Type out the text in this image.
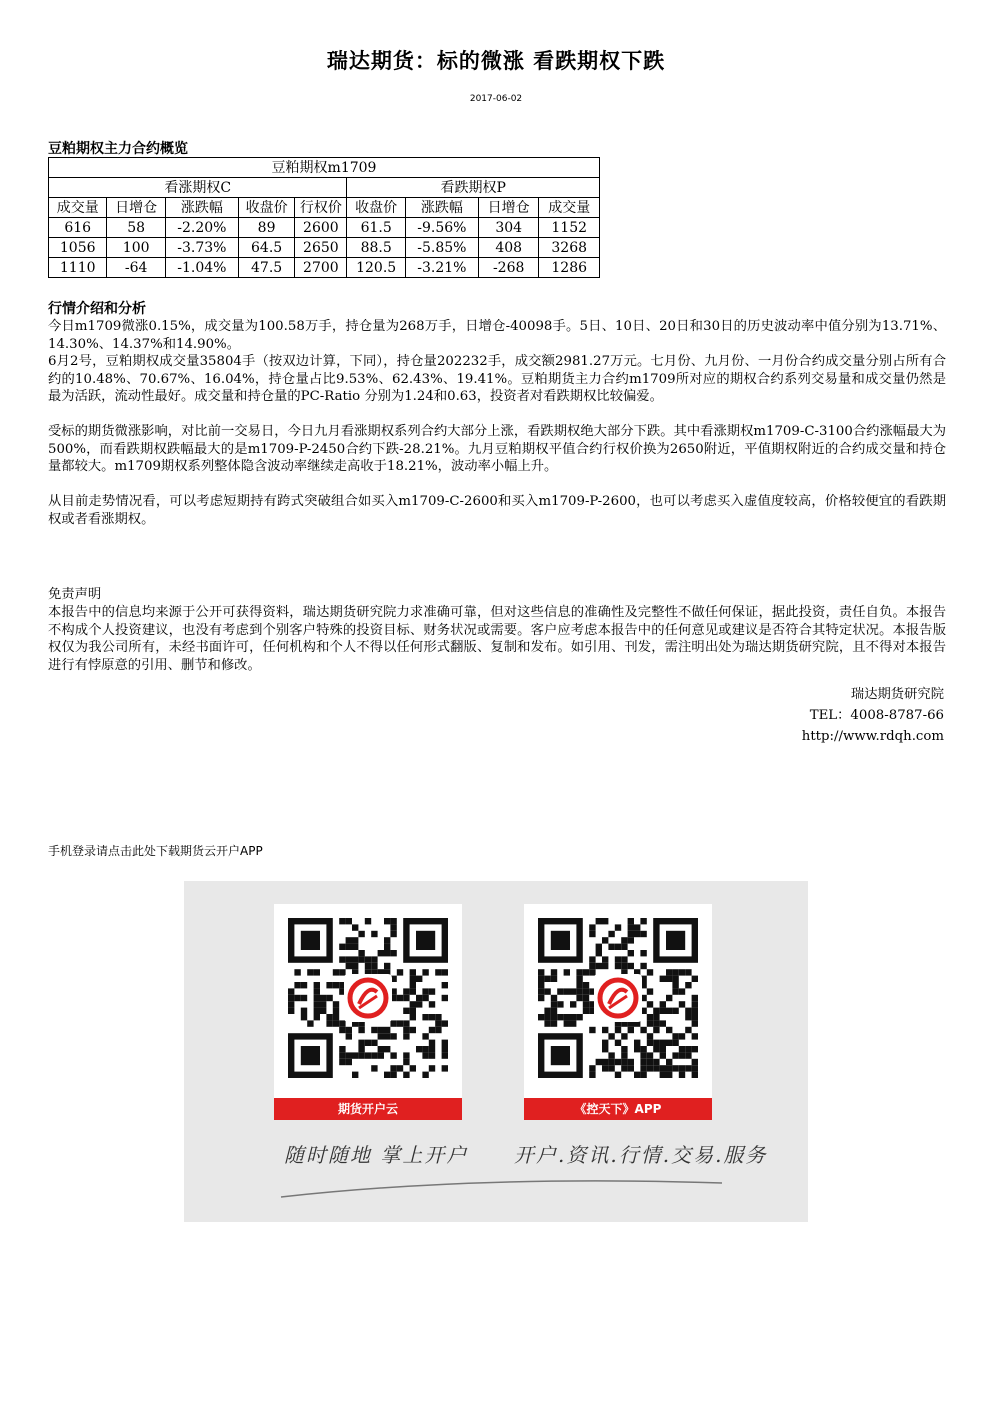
瑞达期货：标的微涨 看跌期权下跌
2017-06-02
豆粕期权主力合约概览
豆粕期权m1709								
看涨期权C					看跌期权P			
成交量	日增仓	涨跌幅	收盘价	行权价	收盘价	涨跌幅	日增仓	成交量
616	58	-2.20%	89	2600	61.5	-9.56%	304	1152
1056	100	-3.73%	64.5	2650	88.5	-5.85%	408	3268
1110	-64	-1.04%	47.5	2700	120.5	-3.21%	-268	1286
行情介绍和分析

今日m1709微涨0.15%，成交量为100.58万手，持仓量为268万手，日增仓-40098手。5日、10日、20日和30日的历史波动率中值分别为13.71%、14.30%、14.37%和14.90%。

6月2号，豆粕期权成交量35804手（按双边计算，下同），持仓量202232手，成交额2981.27万元。七月份、九月份、一月份合约成交量分别占所有合约的10.48%、70.67%、16.04%，持仓量占比9.53%、62.43%、19.41%。豆粕期货主力合约m1709所对应的期权合约系列交易量和成交量仍然是最为活跃，流动性最好。成交量和持仓量的PC-Ratio 分别为1.24和0.63，投资者对看跌期权比较偏爱。

受标的期货微涨影响，对比前一交易日，今日九月看涨期权系列合约大部分上涨，看跌期权绝大部分下跌。其中看涨期权m1709-C-3100合约涨幅最大为500%，而看跌期权跌幅最大的是m1709-P-2450合约下跌-28.21%。九月豆粕期权平值合约行权价换为2650附近，平值期权附近的合约成交量和持仓量都较大。m1709期权系列整体隐含波动率继续走高收于18.21%，波动率小幅上升。

从目前走势情况看，可以考虑短期持有跨式突破组合如买入m1709-C-2600和买入m1709-P-2600，也可以考虑买入虚值度较高，价格较便宜的看跌期权或者看涨期权。

免责声明
本报告中的信息均来源于公开可获得资料，瑞达期货研究院力求准确可靠，但对这些信息的准确性及完整性不做任何保证，据此投资，责任自负。本报告不构成个人投资建议，也没有考虑到个别客户特殊的投资目标、财务状况或需要。客户应考虑本报告中的任何意见或建议是否符合其特定状况。本报告版权仅为我公司所有，未经书面许可，任何机构和个人不得以任何形式翻版、复制和发布。如引用、刊发，需注明出处为瑞达期货研究院，且不得对本报告进行有悖原意的引用、删节和修改。
瑞达期货研究院
TEL：4008-8787-66
http://www.rdqh.com
手机登录请点击此处下载期货云开户APP
期货开户云	《控天下》APP
随时随地 掌上开户 开户.资讯.行情.交易.服务
